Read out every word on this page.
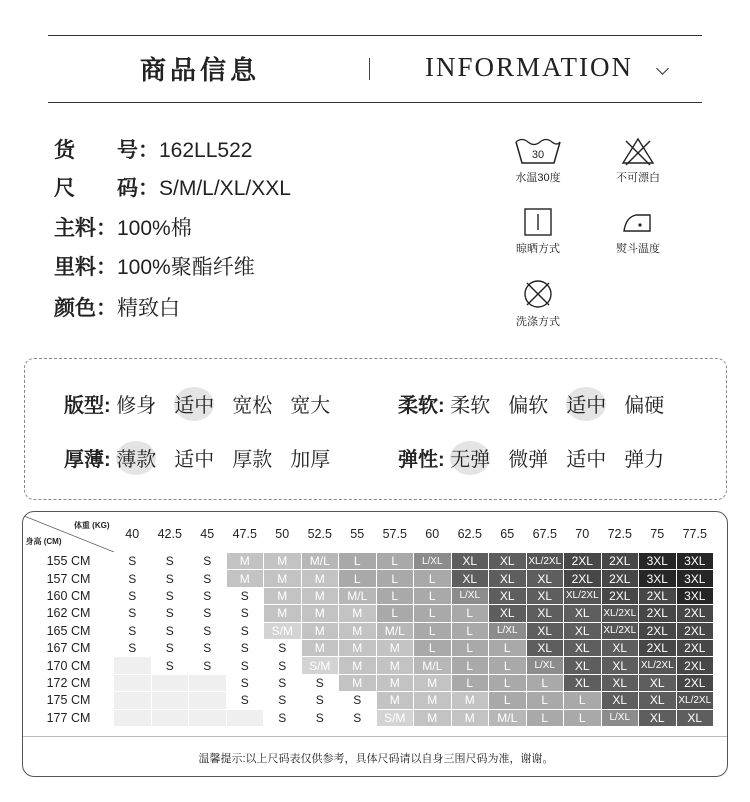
商品信息	INFORMATION
货　　号：162LL522
尺　　码：S/M/L/XL/XXL
主料：100%棉
里料：100%聚酯纤维
颜色：精致白
30
水温30度	不可漂白
晾晒方式	熨斗温度
洗涤方式
版型: 修身 适中 宽松 宽大	柔软: 柔软 偏软 适中 偏硬
厚薄: 薄款 适中 厚款 加厚	弹性: 无弹 微弹 适中 弹力
体重 (KG)
身高 (CM)	40	42.5	45	47.5	50	52.5	55	57.5	60	62.5	65	67.5	70	72.5	75	77.5
155 CM	S	S	S	M	M	M/L	L	L	L/XL	XL	XL	XL/2XL	2XL	2XL	3XL	3XL
157 CM	S	S	S	M	M	M	L	L	L	XL	XL	XL	2XL	2XL	3XL	3XL
160 CM	S	S	S	S	M	M	M/L	L	L	L/XL	XL	XL	XL/2XL	2XL	2XL	3XL
162 CM	S	S	S	S	M	M	M	L	L	L	XL	XL	XL	XL/2XL	2XL	2XL
165 CM	S	S	S	S	S/M	M	M	M/L	L	L	L/XL	XL	XL	XL/2XL	2XL	2XL
167 CM	S	S	S	S	S	M	M	M	L	L	L	XL	XL	XL	2XL	2XL
170 CM		S	S	S	S	S/M	M	M	M/L	L	L	L/XL	XL	XL	XL/2XL	2XL
172 CM				S	S	S	M	M	M	L	L	L	XL	XL	XL	2XL
175 CM				S	S	S	S	M	M	M	L	L	L	XL	XL	XL/2XL
177 CM					S	S	S	S/M	M	M	M/L	L	L	L/XL	XL	XL
温馨提示:以上尺码表仅供参考，具体尺码请以自身三围尺码为准，谢谢。
